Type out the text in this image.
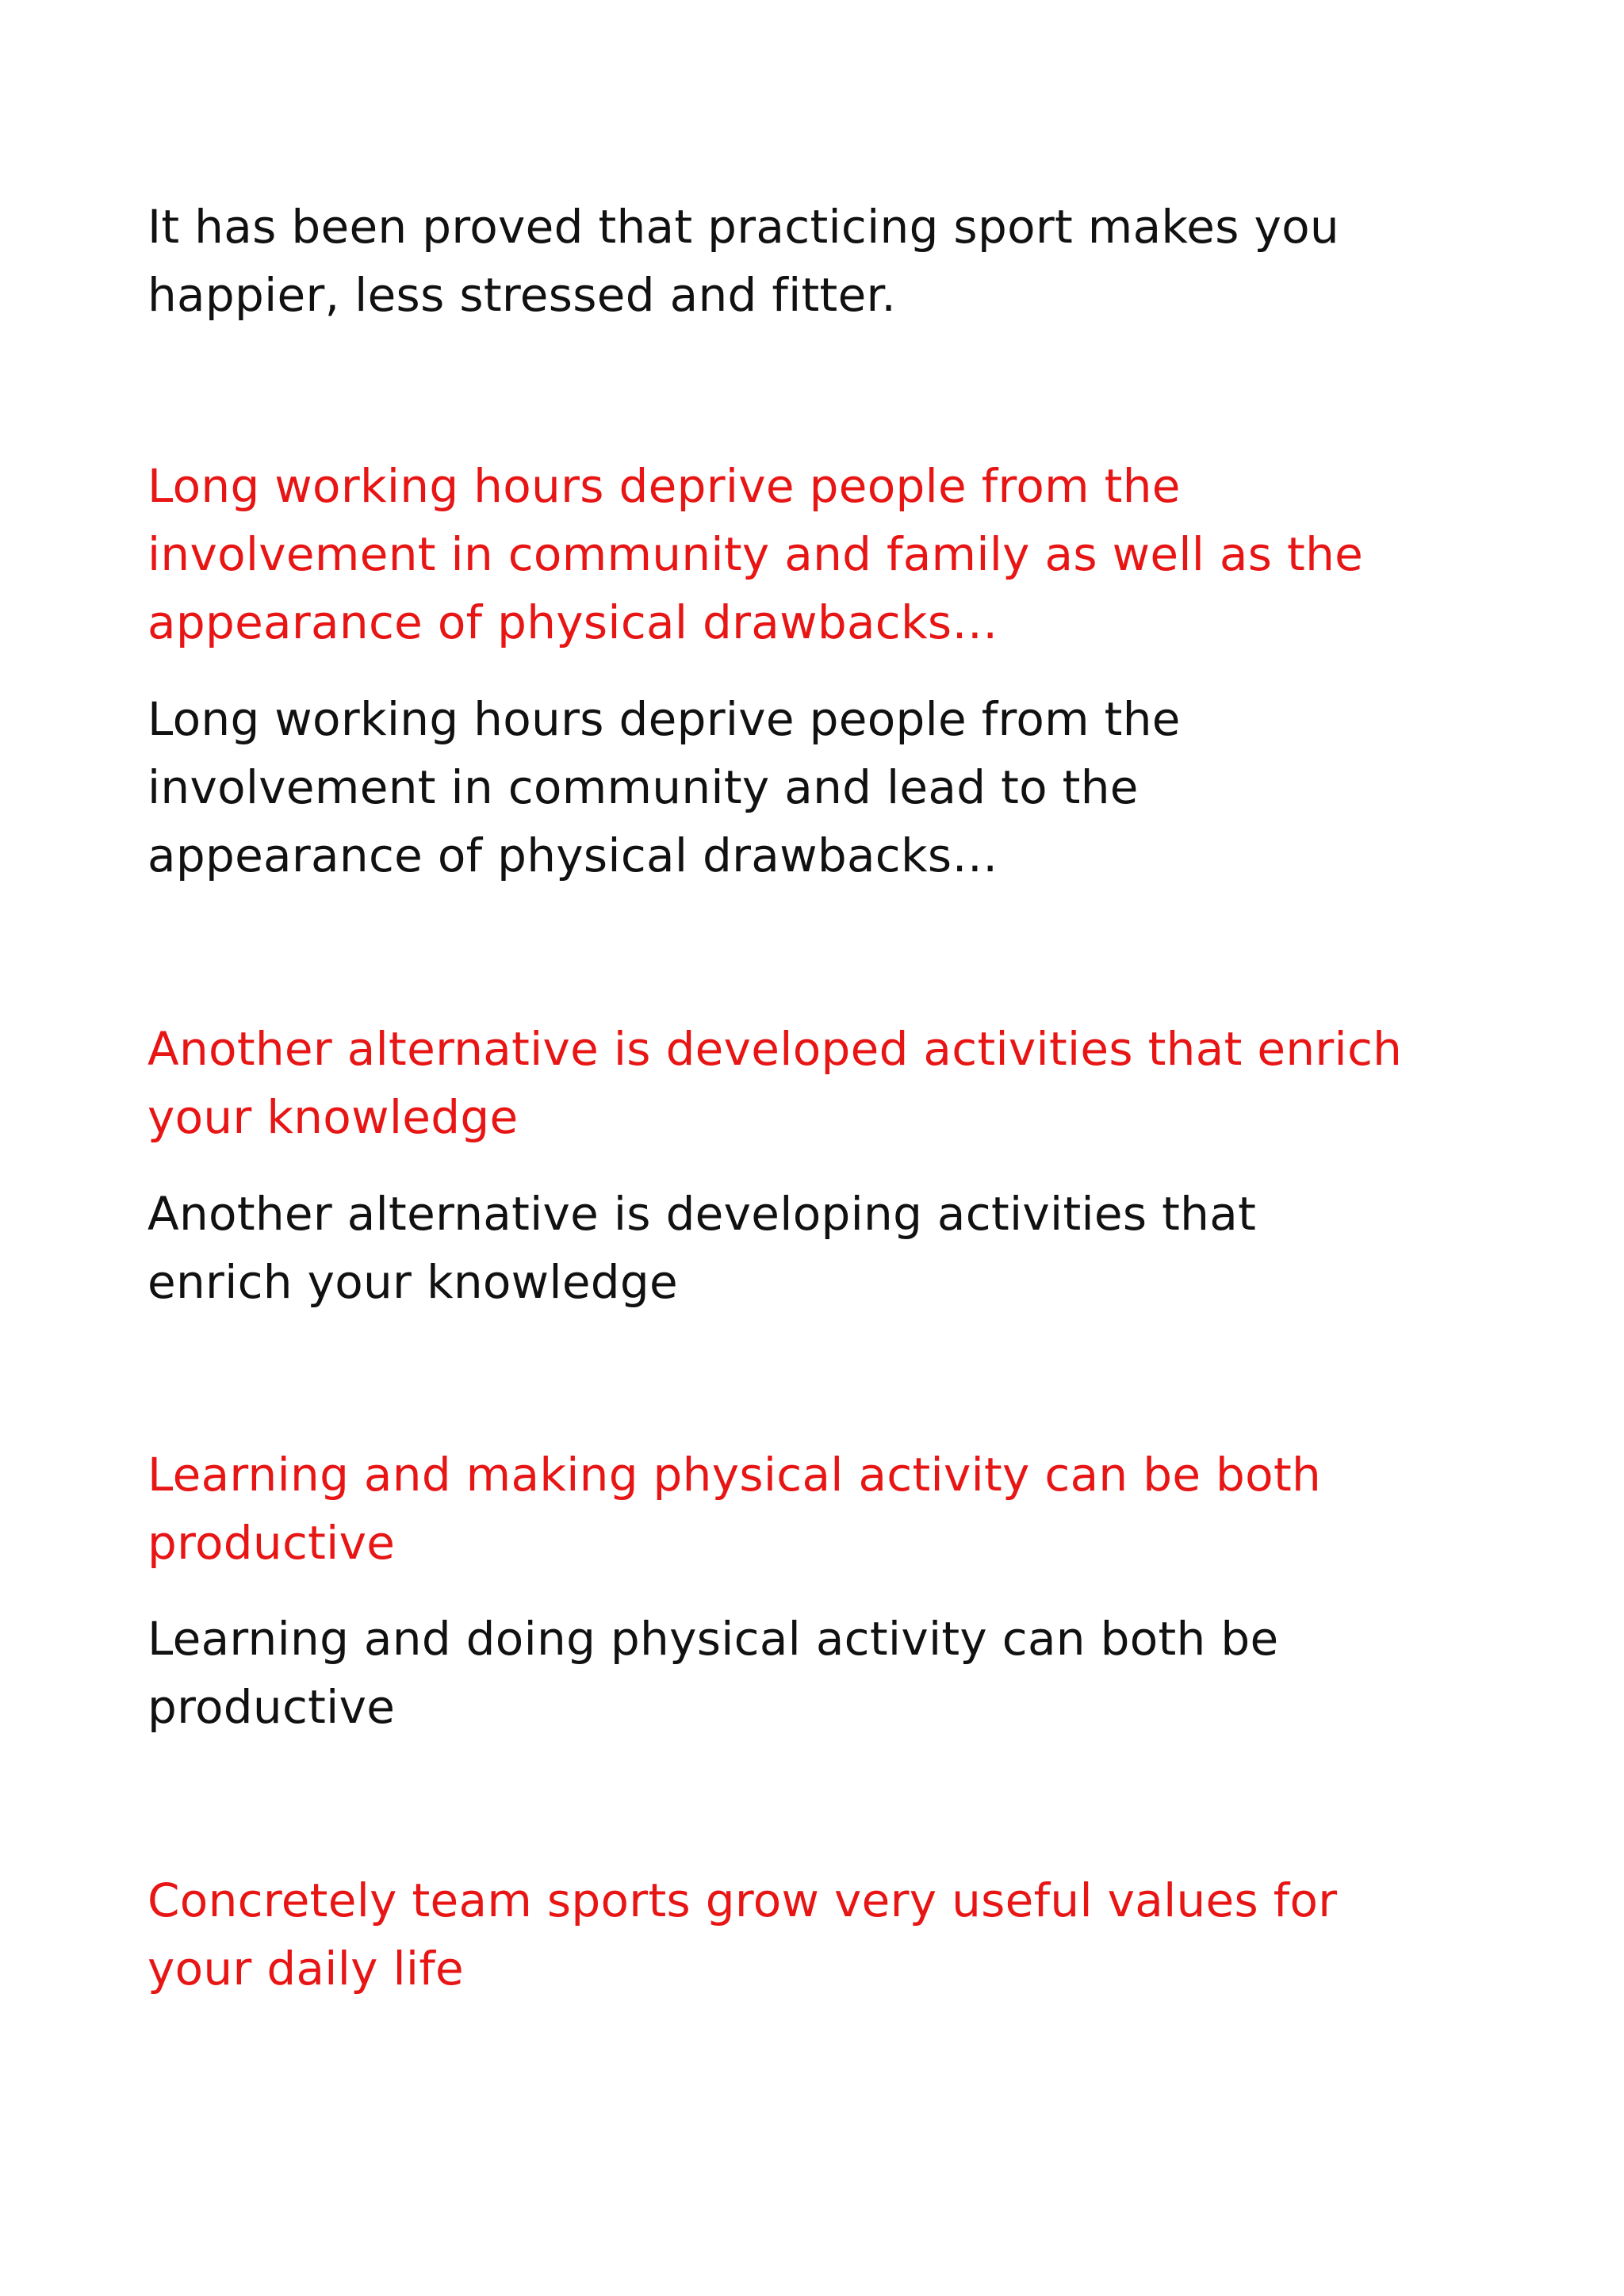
It has been proved that practicing sport makes you
happier, less stressed and fitter.

Long working hours deprive people from the
involvement in community and family as well as the
appearance of physical drawbacks…

Long working hours deprive people from the
involvement in community and lead to the
appearance of physical drawbacks…

Another alternative is developed activities that enrich
your knowledge

Another alternative is developing activities that
enrich your knowledge

Learning and making physical activity can be both
productive

Learning and doing physical activity can both be
productive

Concretely team sports grow very useful values for
your daily life
